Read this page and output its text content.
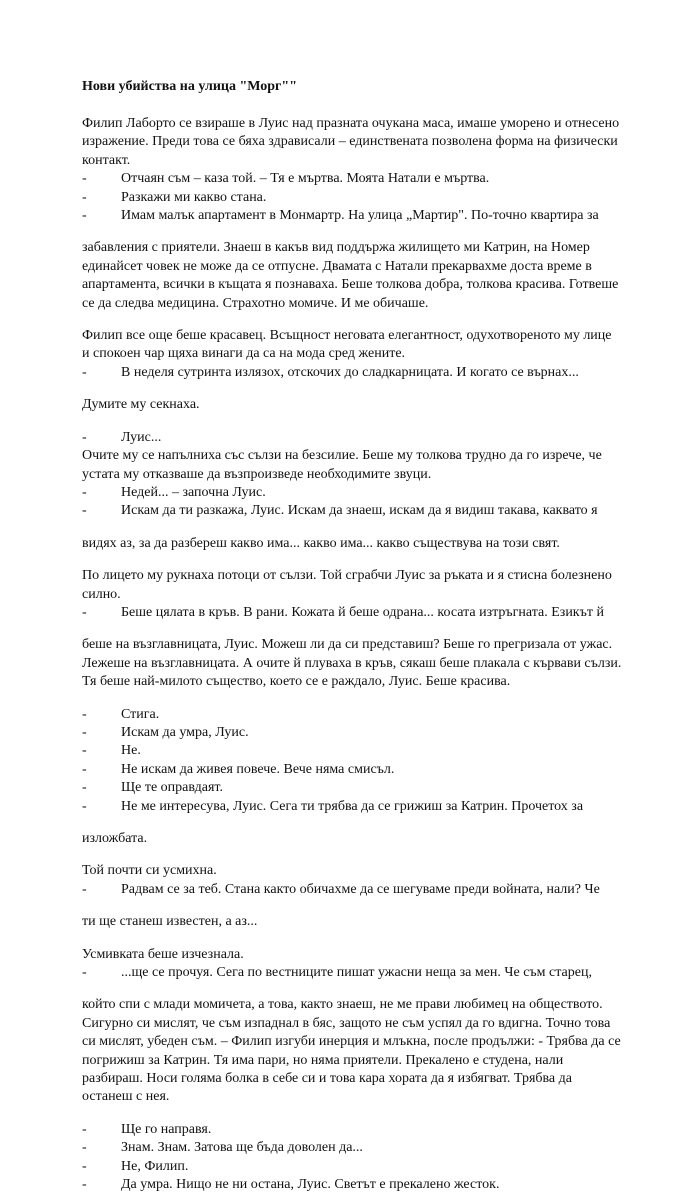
Нови убийства на улица "Морг""

Филип Лаборто се взираше в Луис над празната очукана маса, имаше уморено и отнесено изражение. Преди това се бяха здрависали – единствената позволена форма на физически контакт.

-	Отчаян съм – каза той. – Тя е мъртва. Моята Натали е мъртва.
-	Разкажи ми какво стана.
-	Имам малък апартамент в Монмартр. На улица „Мартир". По-точно квартира за

забавления с приятели. Знаеш в какъв вид поддържа жилището ми Катрин, на Номер единайсет човек не може да се отпусне. Двамата с Натали прекарвахме доста време в апартамента, всички в къщата я познаваха. Беше толкова добра, толкова красива. Готвеше се да следва медицина. Страхотно момиче. И ме обичаше.

Филип все още беше красавец. Всъщност неговата елегантност, одухотвореното му лице и спокоен чар щяха винаги да са на мода сред жените.

-	В неделя сутринта излязох, отскочих до сладкарницата. И когато се върнах...

Думите му секнаха.

-	Луис...

Очите му се напълниха със сълзи на безсилие. Беше му толкова трудно да го изрече, че устата му отказваше да възпроизведе необходимите звуци.

-	Недей... – започна Луис.
-	Искам да ти разкажа, Луис. Искам да знаеш, искам да я видиш такава, каквато я

видях аз, за да разбереш какво има... какво има... какво съществува на този свят.

По лицето му рукнаха потоци от сълзи. Той сграбчи Луис за ръката и я стисна болезнено силно.

-	Беше цялата в кръв. В рани. Кожата й беше одрана... косата изтръгната. Езикът й

беше на възглавницата, Луис. Можеш ли да си представиш? Беше го прегризала от ужас. Лежеше на възглавницата. А очите й плуваха в кръв, сякаш беше плакала с кървави сълзи. Тя беше най-милото същество, което се е раждало, Луис. Беше красива.

-	Стига.
-	Искам да умра, Луис.
-	Не.
-	Не искам да живея повече. Вече няма смисъл.
-	Ще те оправдаят.
-	Не ме интересува, Луис. Сега ти трябва да се грижиш за Катрин. Прочетох за

изложбата.

Той почти си усмихна.

-	Радвам се за теб. Стана както обичахме да се шегуваме преди войната, нали? Че

ти ще станеш известен, а аз...

Усмивката беше изчезнала.

-	...ще се прочуя. Сега по вестниците пишат ужасни неща за мен. Че съм старец,

който спи с млади момичета, а това, както знаеш, не ме прави любимец на обществото. Сигурно си мислят, че съм изпаднал в бяс, защото не съм успял да го вдигна. Точно това си мислят, убеден съм. – Филип изгуби инерция и млъкна, после продължи: - Трябва да се погрижиш за Катрин. Тя има пари, но няма приятели. Прекалено е студена, нали разбираш. Носи голяма болка в себе си и това кара хората да я избягват. Трябва да останеш с нея.

-	Ще го направя.
-	Знам. Знам. Затова ще бъда доволен да...
-	Не, Филип.
-	Да умра. Нищо не ни остана, Луис. Светът е прекалено жесток.
